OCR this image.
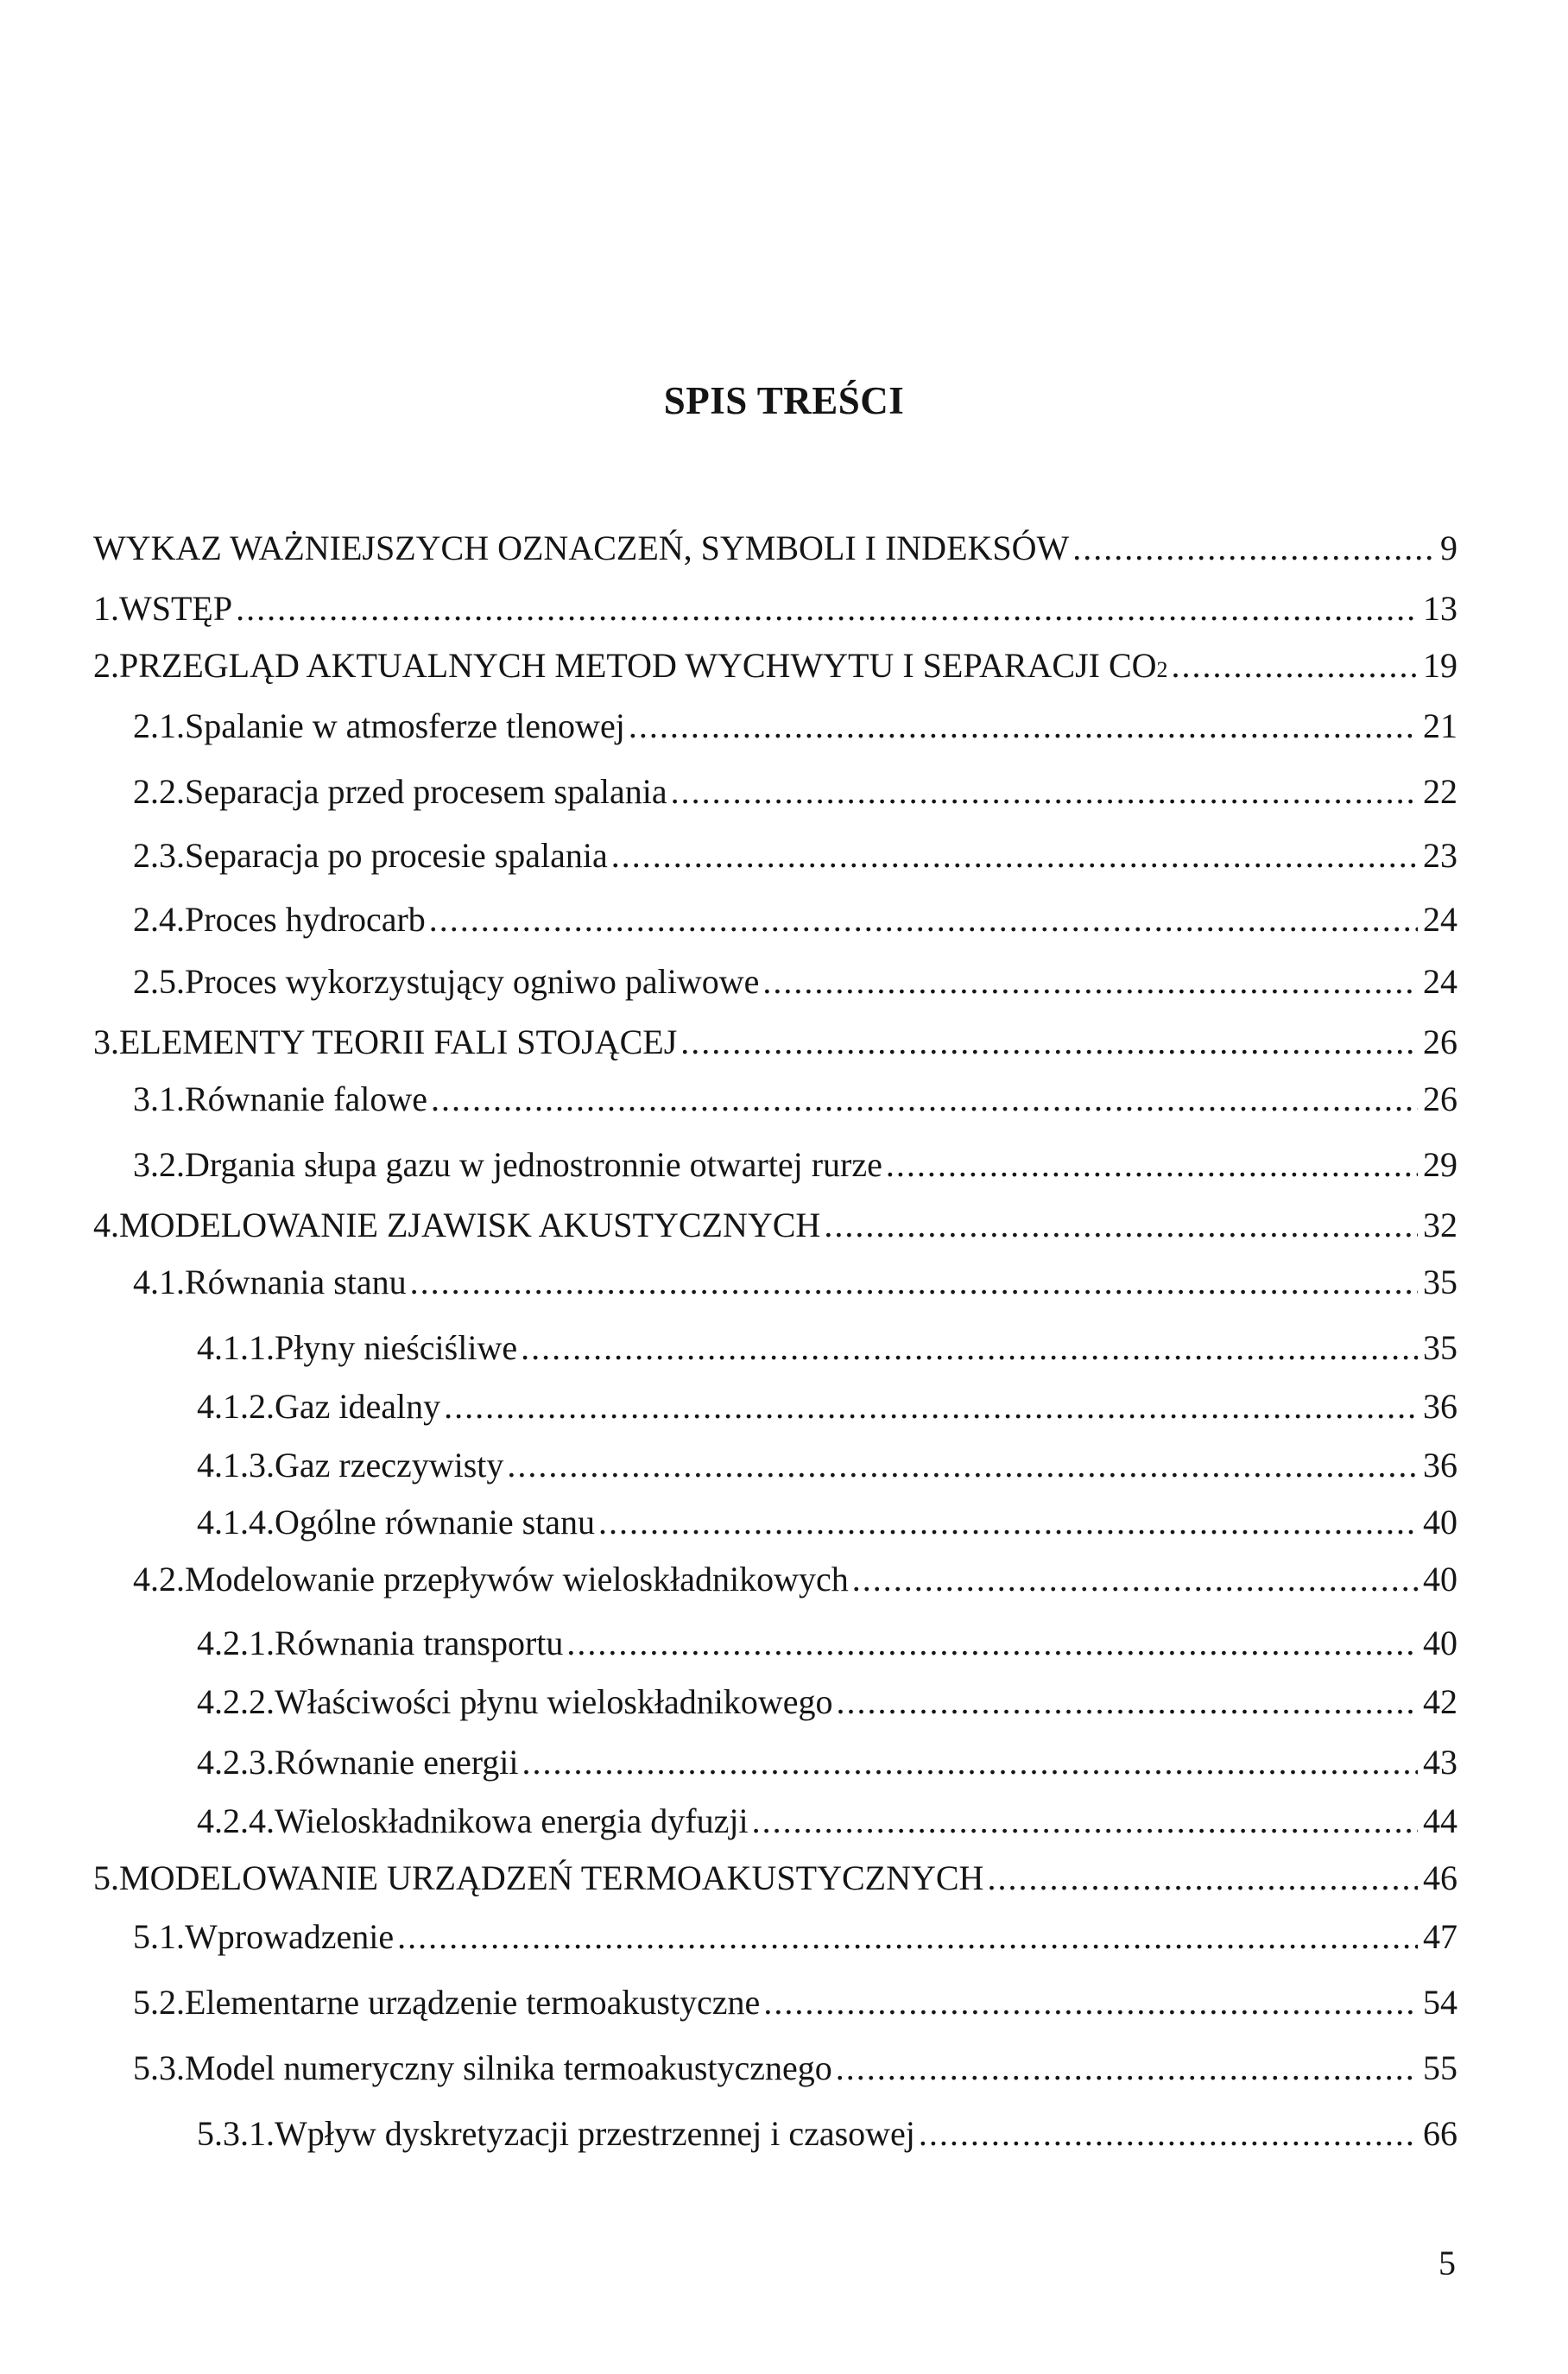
SPIS TREŚCI
WYKAZ WAŻNIEJSZYCH OZNACZEŃ, SYMBOLI I INDEKSÓW .....	9
1. WSTĘP .....	13
2. PRZEGLĄD AKTUALNYCH METOD WYCHWYTU I SEPARACJI CO 2 .....	19
2.1. Spalanie w atmosferze tlenowej .....	21
2.2. Separacja przed procesem spalania .....	22
2.3. Separacja po procesie spalania .....	23
2.4. Proces hydrocarb .....	24
2.5. Proces wykorzystujący ogniwo paliwowe .....	24
3. ELEMENTY TEORII FALI STOJĄCEJ .....	26
3.1. Równanie falowe .....	26
3.2. Drgania słupa gazu w jednostronnie otwartej rurze .....	29
4. MODELOWANIE ZJAWISK AKUSTYCZNYCH .....	32
4.1. Równania stanu .....	35
4.1.1. Płyny nieściśliwe .....	35
4.1.2. Gaz idealny .....	36
4.1.3. Gaz rzeczywisty .....	36
4.1.4. Ogólne równanie stanu .....	40
4.2. Modelowanie przepływów wieloskładnikowych .....	40
4.2.1. Równania transportu .....	40
4.2.2. Właściwości płynu wieloskładnikowego .....	42
4.2.3. Równanie energii .....	43
4.2.4. Wieloskładnikowa energia dyfuzji .....	44
5. MODELOWANIE URZĄDZEŃ TERMOAKUSTYCZNYCH .....	46
5.1. Wprowadzenie .....	47
5.2. Elementarne urządzenie termoakustyczne .....	54
5.3. Model numeryczny silnika termoakustycznego .....	55
5.3.1. Wpływ dyskretyzacji przestrzennej i czasowej .....	66
5
